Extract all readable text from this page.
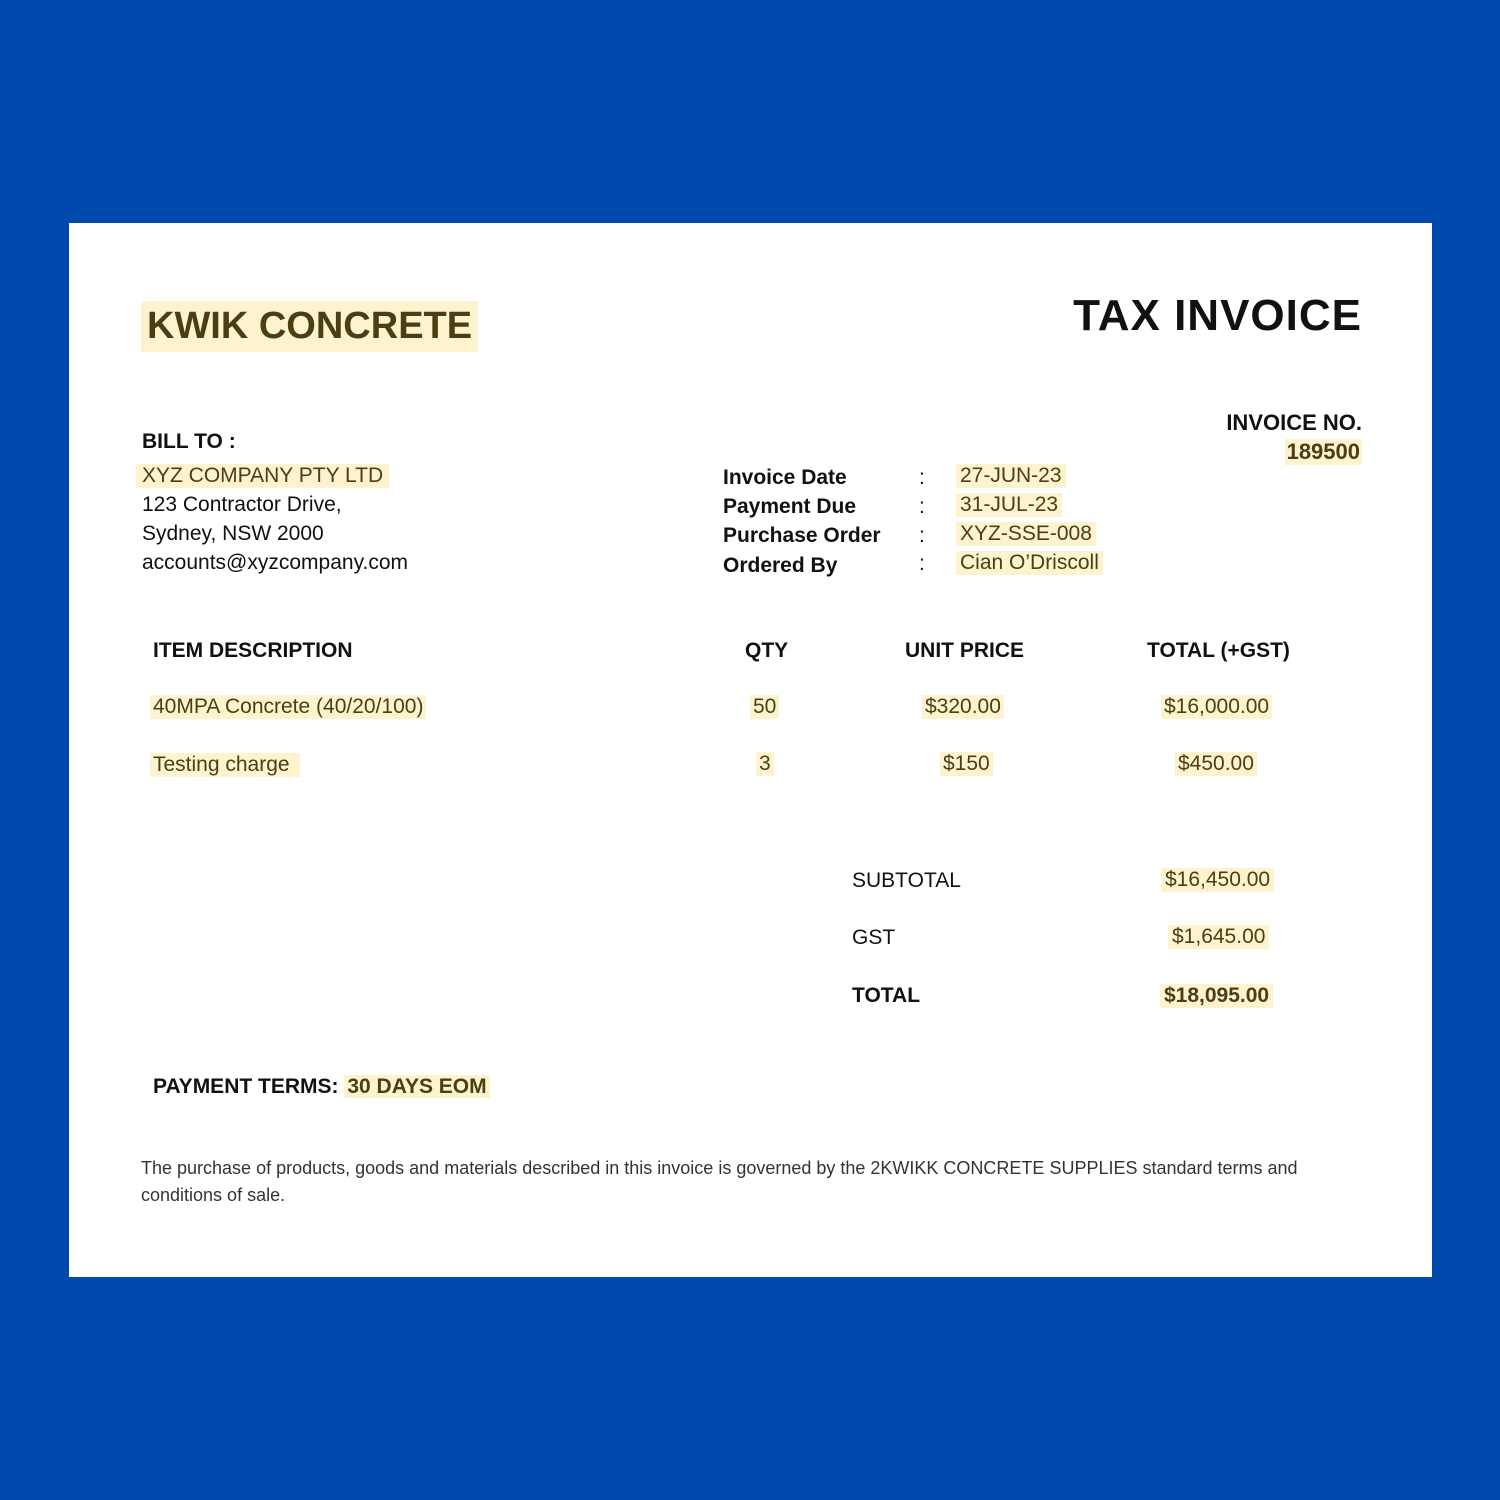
KWIK CONCRETE	TAX INVOICE
INVOICE NO.
189500
BILL TO :
XYZ COMPANY PTY LTD
123 Contractor Drive,
Sydney, NSW 2000
accounts@xyzcompany.com
Invoice Date	: 27-JUN-23
Payment Due	: 31-JUL-23
Purchase Order : XYZ-SSE-008
Ordered By	: Cian O’Driscoll
ITEM DESCRIPTION	QTY	UNIT PRICE	TOTAL (+GST)
40MPA Concrete (40/20/100)	50	$320.00	$16,000.00
Testing charge	3	$150	$450.00
SUBTOTAL	$16,450.00
GST	$1,645.00
TOTAL	$18,095.00
PAYMENT TERMS: 30 DAYS EOM
The purchase of products, goods and materials described in this invoice is governed by the 2KWIKK CONCRETE SUPPLIES standard terms and conditions of sale.
